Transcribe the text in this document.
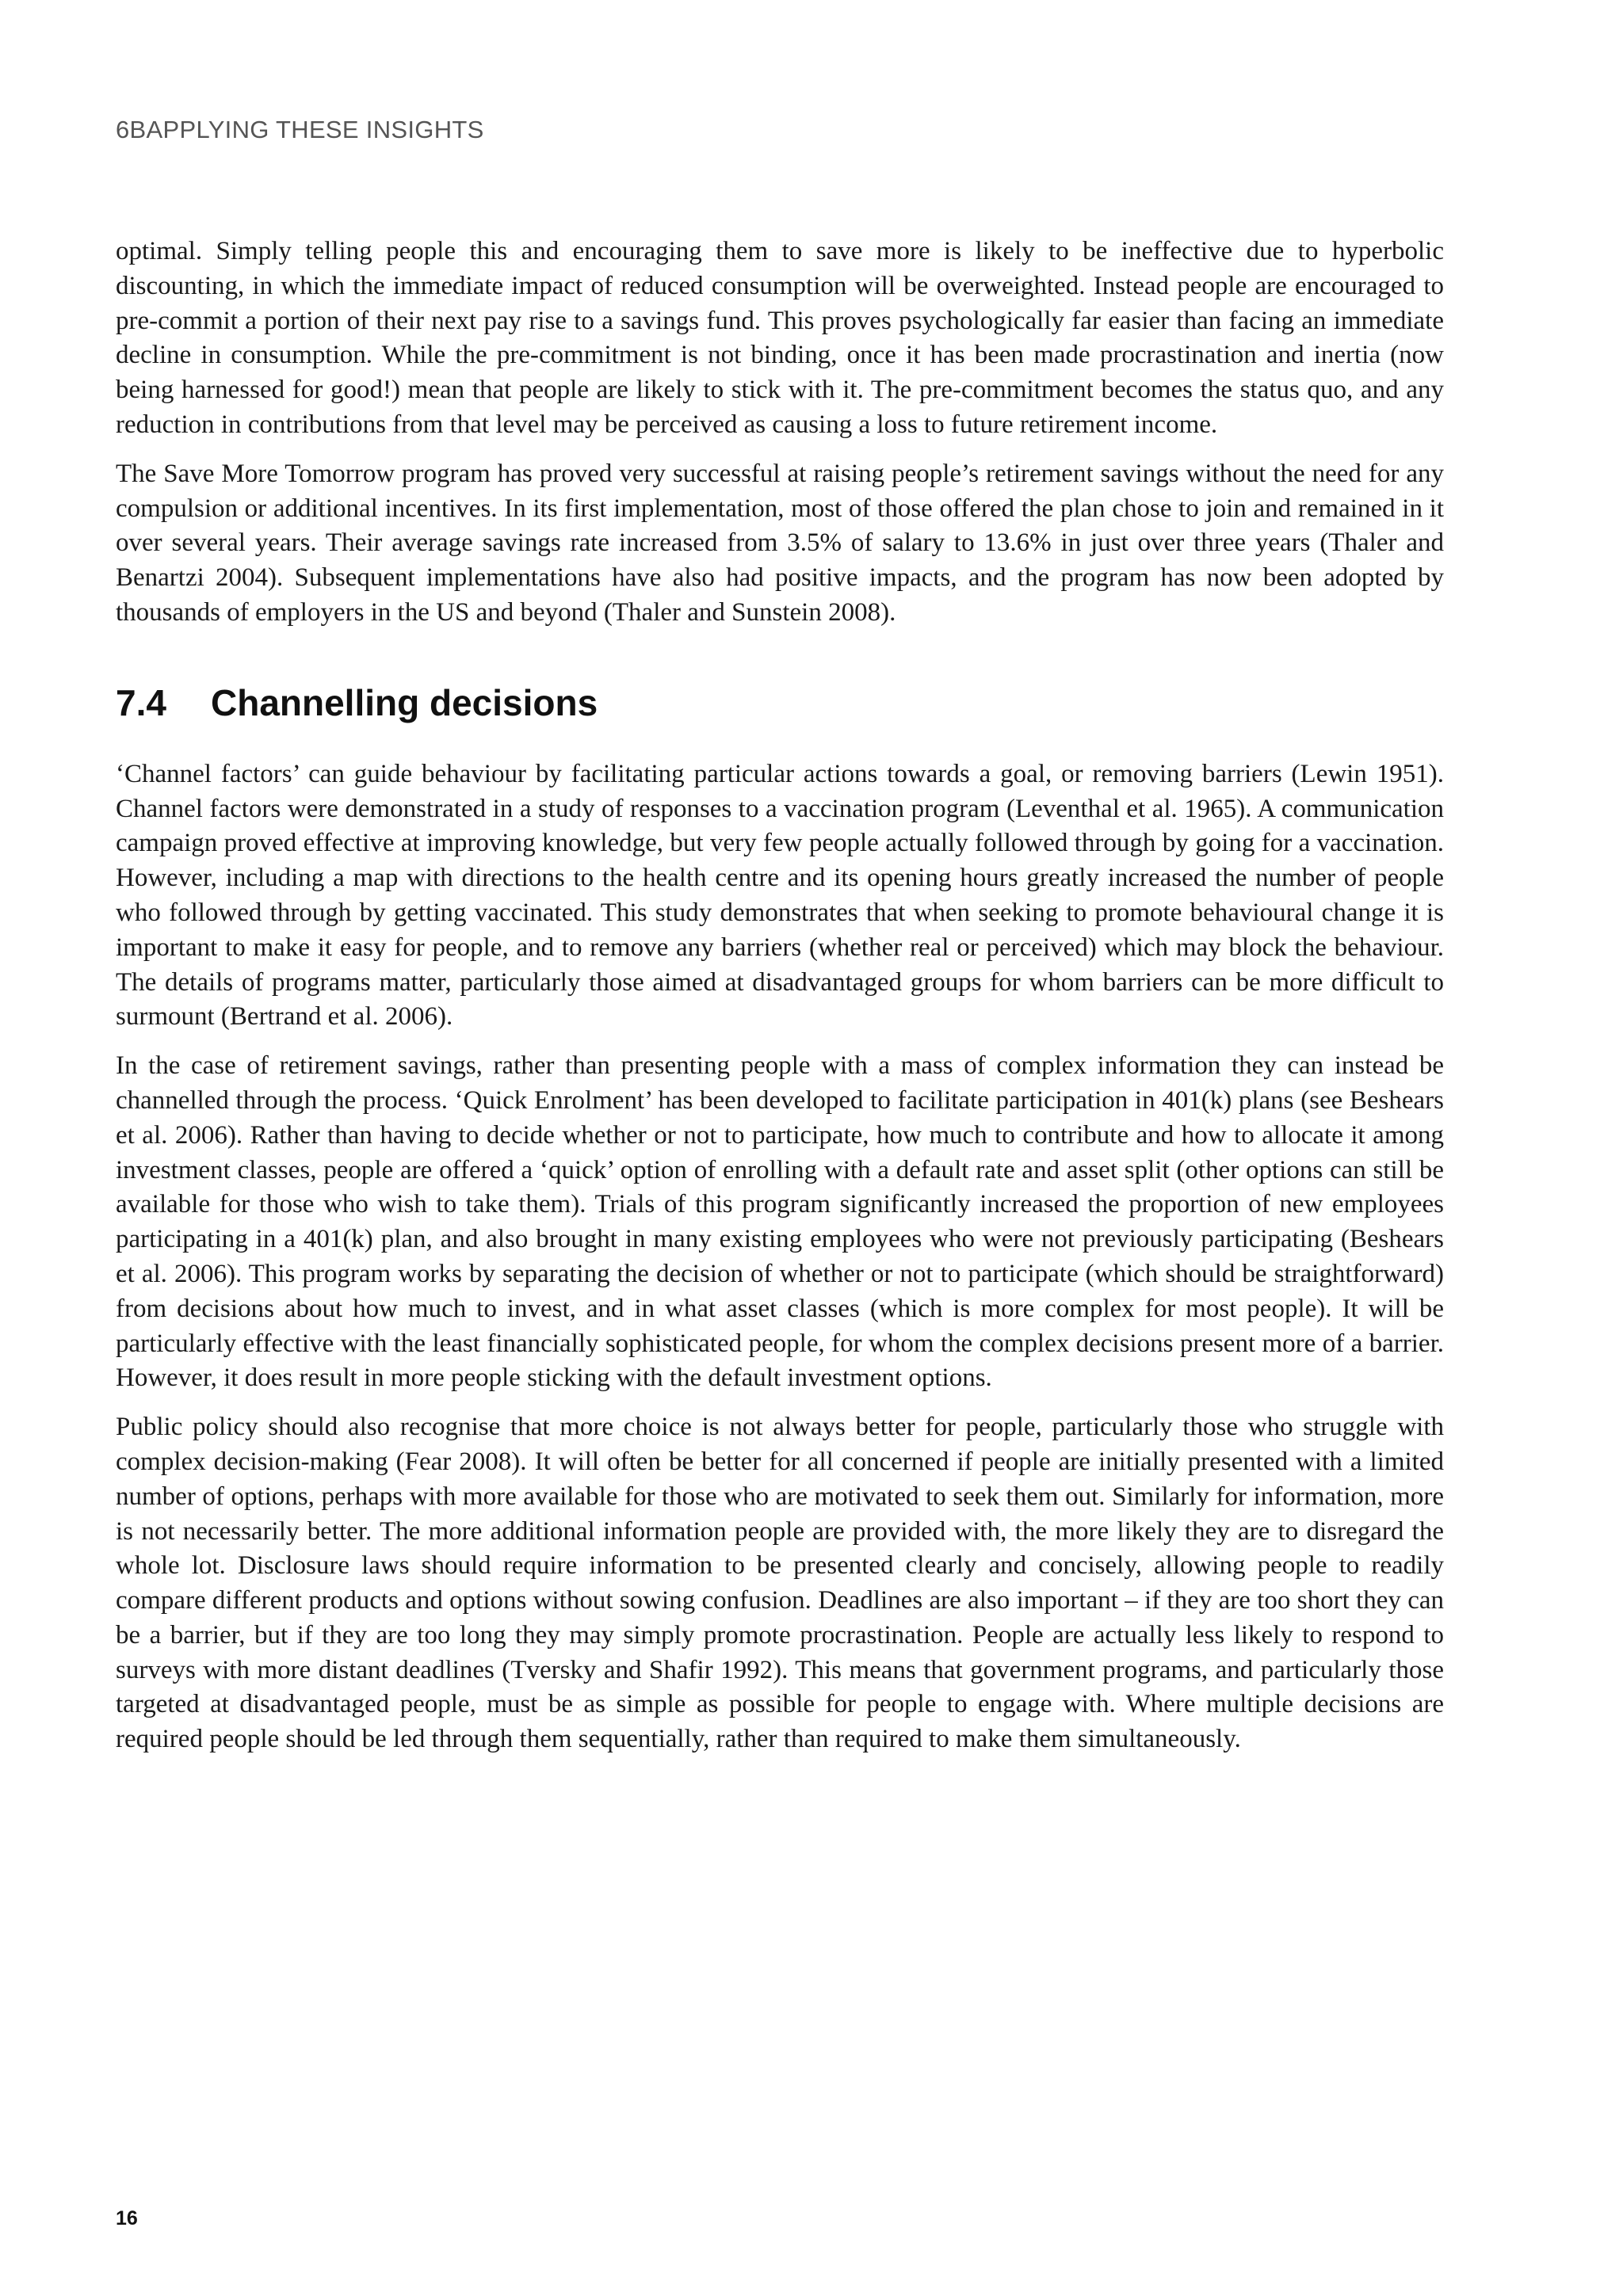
6BAPPLYING THESE INSIGHTS

optimal. Simply telling people this and encouraging them to save more is likely to be ineffective due to hyperbolic discounting, in which the immediate impact of reduced consumption will be overweighted. Instead people are encouraged to pre-commit a portion of their next pay rise to a savings fund. This proves psychologically far easier than facing an immediate decline in consumption. While the pre-commitment is not binding, once it has been made procrastination and inertia (now being harnessed for good!) mean that people are likely to stick with it. The pre-commitment becomes the status quo, and any reduction in contributions from that level may be perceived as causing a loss to future retirement income.

The Save More Tomorrow program has proved very successful at raising people’s retirement savings without the need for any compulsion or additional incentives. In its first implementation, most of those offered the plan chose to join and remained in it over several years. Their average savings rate increased from 3.5% of salary to 13.6% in just over three years (Thaler and Benartzi 2004). Subsequent implementations have also had positive impacts, and the program has now been adopted by thousands of employers in the US and beyond (Thaler and Sunstein 2008).

7.4 Channelling decisions

‘Channel factors’ can guide behaviour by facilitating particular actions towards a goal, or removing barriers (Lewin 1951). Channel factors were demonstrated in a study of responses to a vaccination program (Leventhal et al. 1965). A communication campaign proved effective at improving knowledge, but very few people actually followed through by going for a vaccination. However, including a map with directions to the health centre and its opening hours greatly increased the number of people who followed through by getting vaccinated. This study demonstrates that when seeking to promote behavioural change it is important to make it easy for people, and to remove any barriers (whether real or perceived) which may block the behaviour. The details of programs matter, particularly those aimed at disadvantaged groups for whom barriers can be more difficult to surmount (Bertrand et al. 2006).

In the case of retirement savings, rather than presenting people with a mass of complex information they can instead be channelled through the process. ‘Quick Enrolment’ has been developed to facilitate participation in 401(k) plans (see Beshears et al. 2006). Rather than having to decide whether or not to participate, how much to contribute and how to allocate it among investment classes, people are offered a ‘quick’ option of enrolling with a default rate and asset split (other options can still be available for those who wish to take them). Trials of this program significantly increased the proportion of new employees participating in a 401(k) plan, and also brought in many existing employees who were not previously participating (Beshears et al. 2006). This program works by separating the decision of whether or not to participate (which should be straightforward) from decisions about how much to invest, and in what asset classes (which is more complex for most people). It will be particularly effective with the least financially sophisticated people, for whom the complex decisions present more of a barrier. However, it does result in more people sticking with the default investment options.

Public policy should also recognise that more choice is not always better for people, particularly those who struggle with complex decision-making (Fear 2008). It will often be better for all concerned if people are initially presented with a limited number of options, perhaps with more available for those who are motivated to seek them out. Similarly for information, more is not necessarily better. The more additional information people are provided with, the more likely they are to disregard the whole lot. Disclosure laws should require information to be presented clearly and concisely, allowing people to readily compare different products and options without sowing confusion. Deadlines are also important – if they are too short they can be a barrier, but if they are too long they may simply promote procrastination. People are actually less likely to respond to surveys with more distant deadlines (Tversky and Shafir 1992). This means that government programs, and particularly those targeted at disadvantaged people, must be as simple as possible for people to engage with. Where multiple decisions are required people should be led through them sequentially, rather than required to make them simultaneously.

16
